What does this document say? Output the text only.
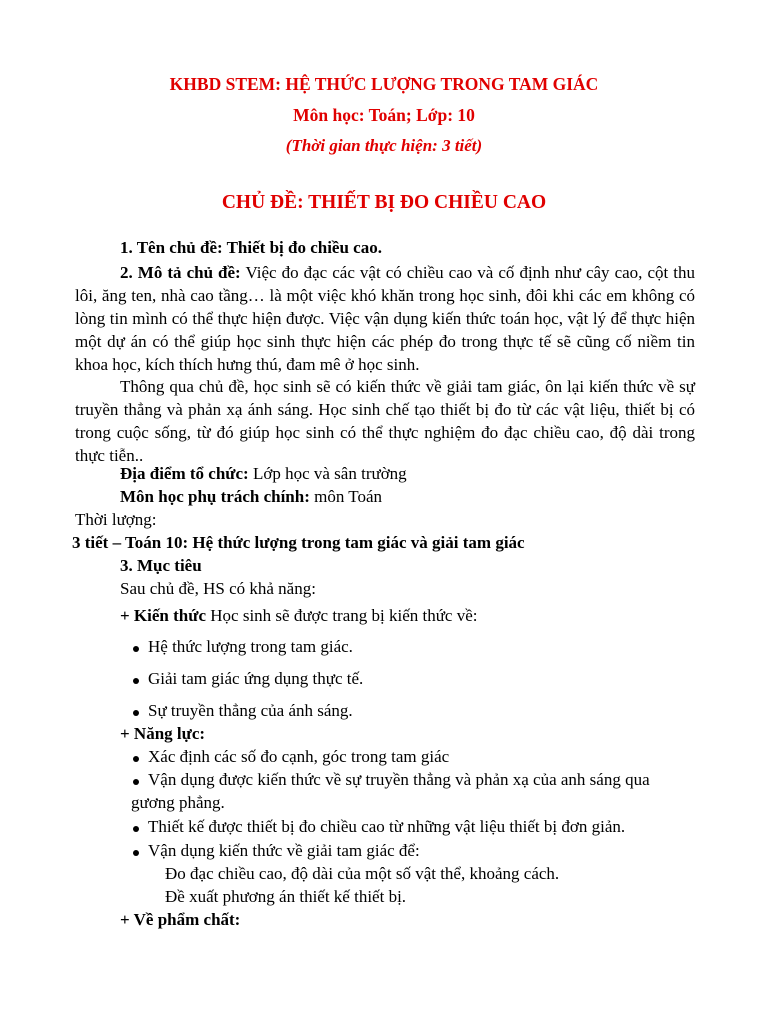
KHBD STEM: HỆ THỨC LƯỢNG TRONG TAM GIÁC
Môn học: Toán; Lớp: 10
(Thời gian thực hiện: 3 tiết)
CHỦ ĐỀ: THIẾT BỊ ĐO CHIỀU CAO
1. Tên chủ đề: Thiết bị đo chiều cao.
2. Mô tả chủ đề: Việc đo đạc các vật có chiều cao và cố định như cây cao, cột thu lôi, ăng ten, nhà cao tầng… là một việc khó khăn trong học sinh, đôi khi các em không có lòng tin mình có thể thực hiện được. Việc vận dụng kiến thức toán học, vật lý để thực hiện một dự án có thể giúp học sinh thực hiện các phép đo trong thực tế sẽ cũng cố niềm tin khoa học, kích thích hưng thú, đam mê ở học sinh.
Thông qua chủ đề, học sinh sẽ có kiến thức về giải tam giác, ôn lại kiến thức về sự truyền thẳng và phản xạ ánh sáng. Học sinh chế tạo thiết bị đo từ các vật liệu, thiết bị có trong cuộc sống, từ đó giúp học sinh có thể thực nghiệm đo đạc chiều cao, độ dài trong thực tiễn..
Địa điểm tổ chức: Lớp học và sân trường
Môn học phụ trách chính: môn Toán
Thời lượng:
3 tiết – Toán 10: Hệ thức lượng trong tam giác và giải tam giác
3. Mục tiêu
Sau chủ đề, HS có khả năng:
+ Kiến thức Học sinh sẽ được trang bị kiến thức về:
Hệ thức lượng trong tam giác.
Giải tam giác ứng dụng thực tế.
Sự truyền thẳng của ánh sáng.
+ Năng lực:
Xác định các số đo cạnh, góc trong tam giác
Vận dụng được kiến thức về sự truyền thẳng và phản xạ của anh sáng qua
gương phẳng.
Thiết kế được thiết bị đo chiều cao từ những vật liệu thiết bị đơn giản.
Vận dụng kiến thức về giải tam giác để:
Đo đạc chiều cao, độ dài của một số vật thể, khoảng cách.
Đề xuất phương án thiết kế thiết bị.
+ Về phẩm chất:
